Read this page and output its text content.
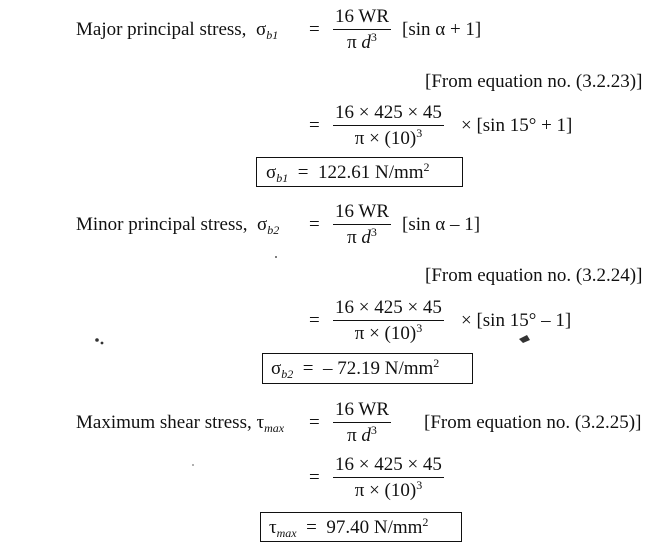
Major principal stress, $\sigma_{b1} = \frac{16 WR}{\pi d^3} [\sin$ α + 1]
[From equation no. (3.2.23)]
= $\frac{16 \times 425 \times 45}{\pi \times (10)^3} \times [\sin$ 15° + 1]
$\sigma_{b1} = 122.61$ $N/mm^2$
Minor principal stress, $\sigma_{b2} = \frac{16 WR}{\pi d^3} [\sin$ α – 1]
[From equation no. (3.2.24)]
= $\frac{16 \times 425 \times 45}{\pi \times (10)^3} \times [\sin$ 15° – 1]
$\sigma_{b2}$ = – 72.19 $N/mm^2$
Maximum shear stress, $\tau_{max} = \frac{16 WR}{\pi d^3}$ [From equation no. (3.2.25)]
= $\frac{16 \times 425 \times 45}{\pi \times (10)^3}$
$\tau_{max} = 97.40$ $N/mm^2$
